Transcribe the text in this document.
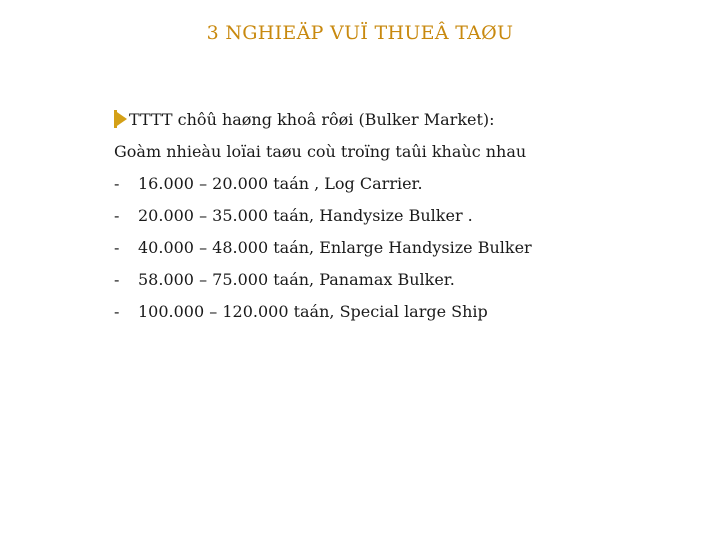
3 NGHIEÄP VUÏ THUEÂ TAØU
TTTT chôû haøng khoâ rôøi (Bulker Market):
Goàm nhieàu loïai taøu coù troïng taûi khaùc nhau
-	16.000 – 20.000 taán , Log Carrier.
-	20.000 – 35.000 taán, Handysize Bulker .
-	40.000 – 48.000 taán, Enlarge Handysize Bulker
-	58.000 – 75.000 taán, Panamax Bulker.
-	100.000 – 120.000 taán, Special large Ship
